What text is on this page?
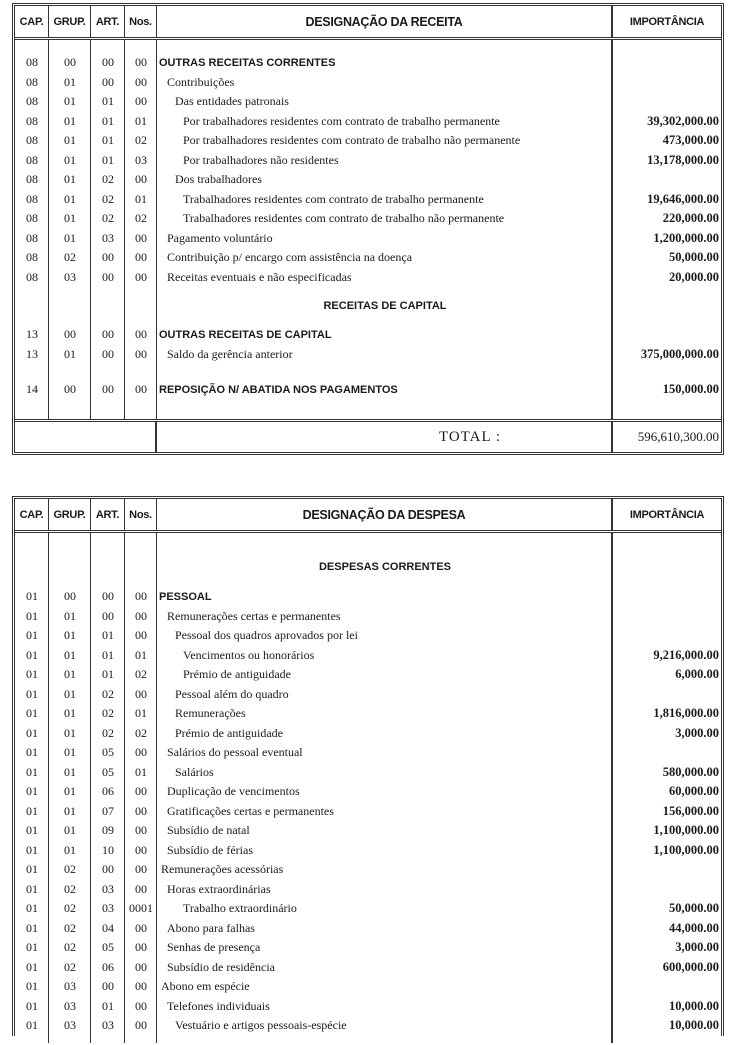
CAP. GRUP. ART. Nos.	DESIGNAÇÃO DA RECEITA	IMPORTÂNCIA
08	00	00	00	OUTRAS RECEITAS CORRENTES
08	01	00	00	Contribuições
08	01	01	00	Das entidades patronais
08	01	01	01	Por trabalhadores residentes com contrato de trabalho permanente	39,302,000.00
08	01	01	02	Por trabalhadores residentes com contrato de trabalho não permanente	473,000.00
08	01	01	03	Por trabalhadores não residentes	13,178,000.00
08	01	02	00	Dos trabalhadores
08	01	02	01	Trabalhadores residentes com contrato de trabalho permanente	19,646,000.00
08	01	02	02	Trabalhadores residentes com contrato de trabalho não permanente	220,000.00
08	01	03	00	Pagamento voluntário	1,200,000.00
08	02	00	00	Contribuição p/ encargo com assistência na doença	50,000.00
08	03	00	00	Receitas eventuais e não especificadas	20,000.00
RECEITAS DE CAPITAL
13	00	00	00	OUTRAS RECEITAS DE CAPITAL
13	01	00	00	Saldo da gerência anterior	375,000,000.00
14	00	00	00	REPOSIÇÃO N/ ABATIDA NOS PAGAMENTOS	150,000.00
TOTAL :	596,610,300.00
CAP. GRUP. ART. Nos.	DESIGNAÇÃO DA DESPESA	IMPORTÂNCIA
DESPESAS CORRENTES
01	00	00	00	PESSOAL
01	01	00	00	Remunerações certas e permanentes
01	01	01	00	Pessoal dos quadros aprovados por lei
01	01	01	01	Vencimentos ou honorários	9,216,000.00
01	01	01	02	Prémio de antiguidade	6,000.00
01	01	02	00	Pessoal além do quadro
01	01	02	01	Remunerações	1,816,000.00
01	01	02	02	Prémio de antiguidade	3,000.00
01	01	05	00	Salários do pessoal eventual
01	01	05	01	Salários	580,000.00
01	01	06	00	Duplicação de vencimentos	60,000.00
01	01	07	00	Gratificações certas e permanentes	156,000.00
01	01	09	00	Subsídio de natal	1,100,000.00
01	01	10	00	Subsídio de férias	1,100,000.00
01	02	00	00	Remunerações acessórias
01	02	03	00	Horas extraordinárias
01	02	03	0001	Trabalho extraordinário	50,000.00
01	02	04	00	Abono para falhas	44,000.00
01	02	05	00	Senhas de presença	3,000.00
01	02	06	00	Subsídio de residência	600,000.00
01	03	00	00	Abono em espécie
01	03	01	00	Telefones individuais	10,000.00
01	03	03	00	Vestuário e artigos pessoais-espécie	10,000.00
